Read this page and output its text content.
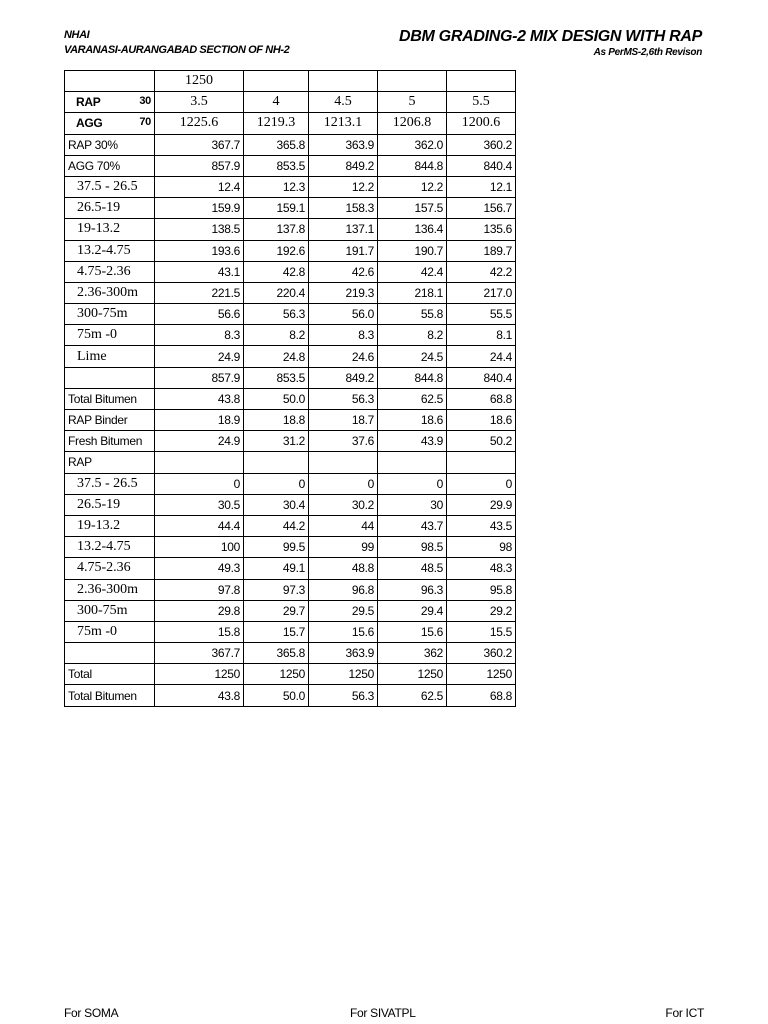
NHAI
VARANASI-AURANGABAD SECTION OF NH-2
DBM GRADING-2 MIX DESIGN WITH RAP
As PerMS-2,6th Revison
	1250				

RAP 30	3.5	4	4.5	5	5.5

AGG 70	1225.6	1219.3	1213.1	1206.8	1200.6
RAP 30%	367.7	365.8	363.9	362.0	360.2
AGG 70%	857.9	853.5	849.2	844.8	840.4
37.5 - 26.5	12.4	12.3	12.2	12.2	12.1
26.5-19	159.9	159.1	158.3	157.5	156.7
19-13.2	138.5	137.8	137.1	136.4	135.6
13.2-4.75	193.6	192.6	191.7	190.7	189.7
4.75-2.36	43.1	42.8	42.6	42.4	42.2
2.36-300m	221.5	220.4	219.3	218.1	217.0
300-75m	56.6	56.3	56.0	55.8	55.5
75m -0	8.3	8.2	8.3	8.2	8.1
Lime	24.9	24.8	24.6	24.5	24.4
	857.9	853.5	849.2	844.8	840.4
Total Bitumen	43.8	50.0	56.3	62.5	68.8
RAP Binder	18.9	18.8	18.7	18.6	18.6
Fresh Bitumen	24.9	31.2	37.6	43.9	50.2
RAP					
37.5 - 26.5	0	0	0	0	0
26.5-19	30.5	30.4	30.2	30	29.9
19-13.2	44.4	44.2	44	43.7	43.5
13.2-4.75	100	99.5	99	98.5	98
4.75-2.36	49.3	49.1	48.8	48.5	48.3
2.36-300m	97.8	97.3	96.8	96.3	95.8
300-75m	29.8	29.7	29.5	29.4	29.2
75m -0	15.8	15.7	15.6	15.6	15.5
	367.7	365.8	363.9	362	360.2
Total	1250	1250	1250	1250	1250
Total Bitumen	43.8	50.0	56.3	62.5	68.8
For SOMA	For SIVATPL	For ICT
